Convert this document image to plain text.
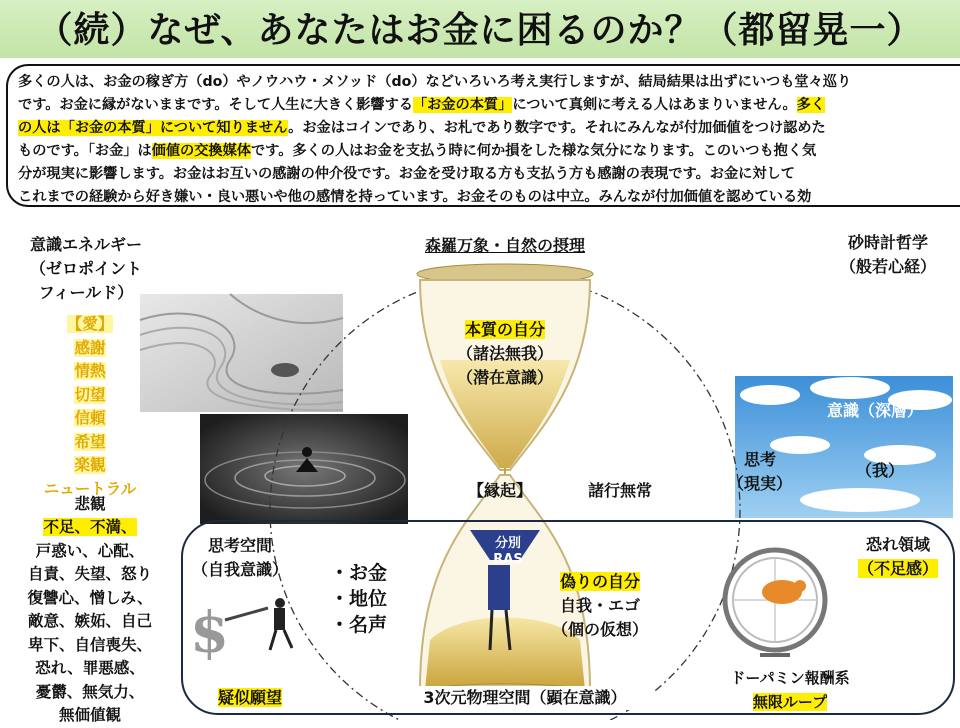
（続）なぜ、あなたはお金に困るのか？（都留晃一）
多くの人は、お金の稼ぎ方（do）やノウハウ・メソッド（do）などいろいろ考え実行しますが、結局結果は出ずにいつも堂々巡り
です。お金に縁がないままです。そして人生に大きく影響する「お金の本質」について真剣に考える人はあまりいません。多く
の人は「お金の本質」について知りません。お金はコインであり、お札であり数字です。それにみんなが付加価値をつけ認めた
ものです。「お金」は価値の交換媒体です。多くの人はお金を支払う時に何か損をした様な気分になります。このいつも抱く気
分が現実に影響します。お金はお互いの感謝の仲介役です。お金を受け取る方も支払う方も感謝の表現です。お金に対して
これまでの経験から好き嫌い・良い悪いや他の感情を持っています。お金そのものは中立。みんなが付加価値を認めている効
$
意識エネルギー
（ゼロポイント
フィールド）
【愛】
感謝
情熱
切望
信頼
希望
楽観
ニュートラル
悲観
不足、不満、
戸惑い、心配、
自責、失望、怒り
復讐心、憎しみ、
敵意、嫉妬、自己
卑下、自信喪失、
恐れ、罪悪感、
憂欝、無気力、
無価値観
森羅万象・自然の摂理
本質の自分
（諸法無我）
（潜在意識）
【縁起】	諸行無常
分別
RAS
偽りの自分
自我・エゴ
（個の仮想）
3次元物理空間（顕在意識）
砂時計哲学
（般若心経）
意識（深層）
（我）
思考
（現実）
恐れ領域
（不足感）
ドーパミン報酬系
無限ループ
思考空間
（自我意識）	・お金
・地位
・名声
疑似願望
